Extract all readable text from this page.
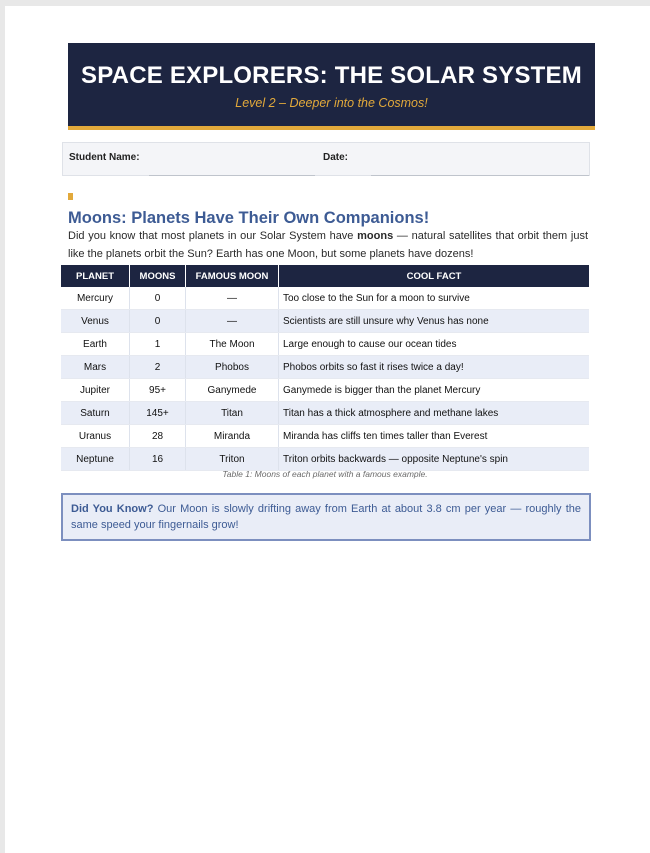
SPACE EXPLORERS: THE SOLAR SYSTEM
Level 2 – Deeper into the Cosmos!
Student Name:	Date:
Moons: Planets Have Their Own Companions!
Did you know that most planets in our Solar System have moons — natural satellites that orbit them just like the planets orbit the Sun? Earth has one Moon, but some planets have dozens!
PLANET	MOONS	FAMOUS MOON	COOL FACT
Mercury	0	—	Too close to the Sun for a moon to survive
Venus	0	—	Scientists are still unsure why Venus has none
Earth	1	The Moon	Large enough to cause our ocean tides
Mars	2	Phobos	Phobos orbits so fast it rises twice a day!
Jupiter	95+	Ganymede	Ganymede is bigger than the planet Mercury
Saturn	145+	Titan	Titan has a thick atmosphere and methane lakes
Uranus	28	Miranda	Miranda has cliffs ten times taller than Everest
Neptune	16	Triton	Triton orbits backwards — opposite Neptune's spin
Table 1: Moons of each planet with a famous example.
Did You Know? Our Moon is slowly drifting away from Earth at about 3.8 cm per year — roughly the same speed your fingernails grow!
